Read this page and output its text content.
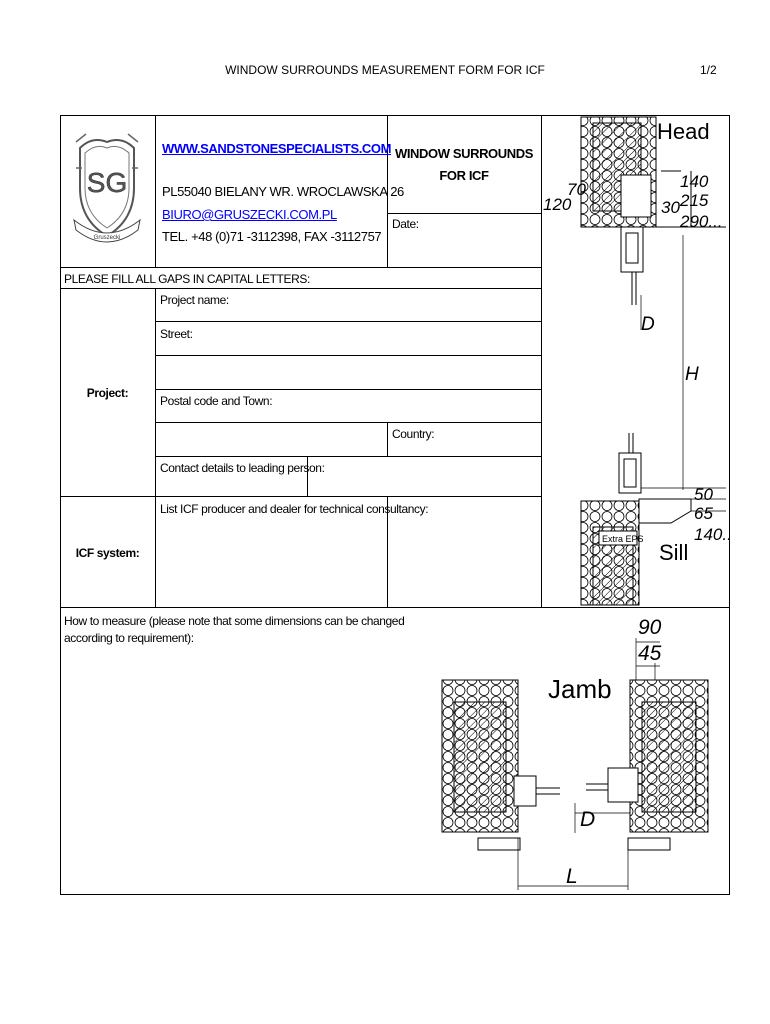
WINDOW SURROUNDS MEASUREMENT FORM FOR ICF	1/2
SG
Gruszecki
WWW.SANDSTONESPECIALISTS.COM
PL55040 BIELANY WR. WROCLAWSKA 26
BIURO@GRUSZECKI.COM.PL
TEL. +48 (0)71 -3112398, FAX -3112757
WINDOW SURROUNDS
FOR ICF
Date:
PLEASE FILL ALL GAPS IN CAPITAL LETTERS:
Project:
Project name:
Street:
Postal code and Town:
Country:
Contact details to leading person:
ICF system:
List ICF producer and dealer for technical consultancy:
How to measure (please note that some dimensions can be changed
according to requirement):
Head
120
70
30
140
215
290...
D
H
50
65
140..
Extra EPS
Sill
90
45
Jamb
D
L
